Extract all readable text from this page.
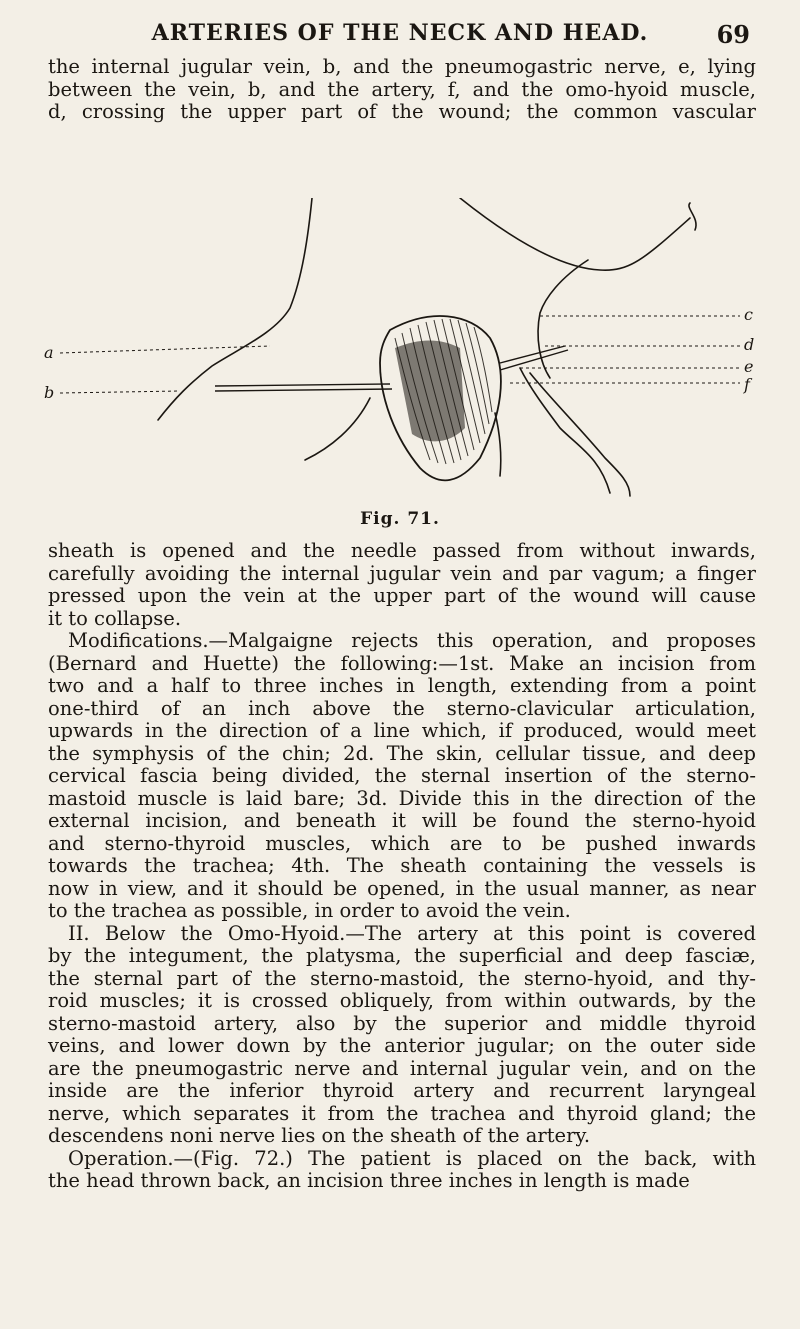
ARTERIES OF THE NECK AND HEAD.	69
the internal jugular vein, b, and the pneumogastric nerve, e, lying
between the vein, b, and the artery, f, and the omo-hyoid muscle,
d, crossing the upper part of the wound; the common vascular
a
b
c
d
e
f
Fig. 71.
sheath is opened and the needle passed from without inwards,
carefully avoiding the internal jugular vein and par vagum; a finger
pressed upon the vein at the upper part of the wound will cause
it to collapse.
Modifications.—Malgaigne rejects this operation, and proposes
(Bernard and Huette) the following:—1st. Make an incision from
two and a half to three inches in length, extending from a point
one-third of an inch above the sterno-clavicular articulation,
upwards in the direction of a line which, if produced, would meet
the symphysis of the chin; 2d. The skin, cellular tissue, and deep
cervical fascia being divided, the sternal insertion of the sterno-
mastoid muscle is laid bare; 3d. Divide this in the direction of the
external incision, and beneath it will be found the sterno-hyoid
and sterno-thyroid muscles, which are to be pushed inwards
towards the trachea; 4th. The sheath containing the vessels is
now in view, and it should be opened, in the usual manner, as near
to the trachea as possible, in order to avoid the vein.
II. Below the Omo-Hyoid.—The artery at this point is covered
by the integument, the platysma, the superficial and deep fasciæ,
the sternal part of the sterno-mastoid, the sterno-hyoid, and thy-
roid muscles; it is crossed obliquely, from within outwards, by the
sterno-mastoid artery, also by the superior and middle thyroid
veins, and lower down by the anterior jugular; on the outer side
are the pneumogastric nerve and internal jugular vein, and on the
inside are the inferior thyroid artery and recurrent laryngeal
nerve, which separates it from the trachea and thyroid gland; the
descendens noni nerve lies on the sheath of the artery.
Operation.—(Fig. 72.) The patient is placed on the back, with
the head thrown back, an incision three inches in length is made
